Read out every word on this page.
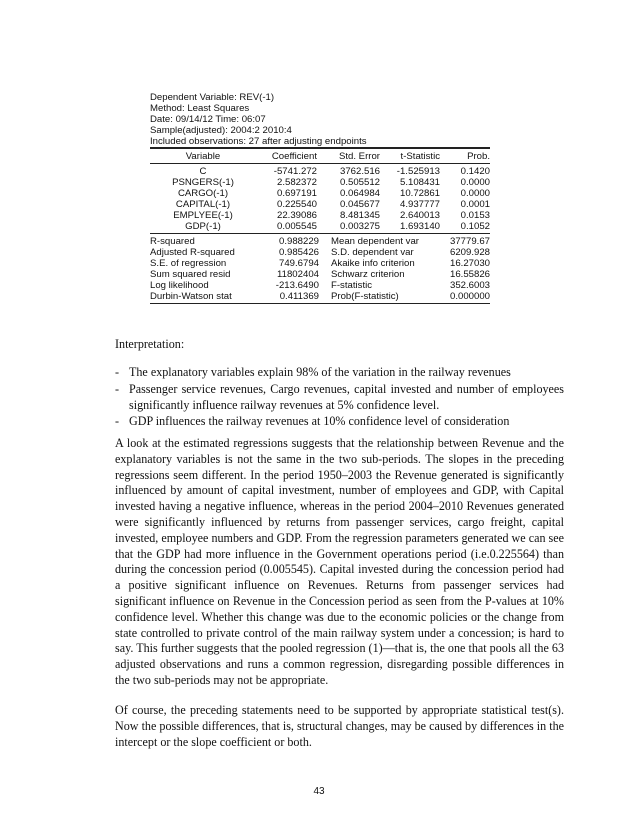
Dependent Variable: REV(-1)
Method: Least Squares
Date: 09/14/12 Time: 06:07
Sample(adjusted): 2004:2 2010:4
Included observations: 27 after adjusting endpoints
Variable	Coefficient	Std. Error	t-Statistic	Prob.
C	-5741.272	3762.516	-1.525913	0.1420
PSNGERS(-1)	2.582372	0.505512	5.108431	0.0000
CARGO(-1)	0.697191	0.064984	10.72861	0.0000
CAPITAL(-1)	0.225540	0.045677	4.937777	0.0001
EMPLYEE(-1)	22.39086	8.481345	2.640013	0.0153
GDP(-1)	0.005545	0.003275	1.693140	0.1052
R-squared	0.988229	Mean dependent var	37779.67
Adjusted R-squared	0.985426	S.D. dependent var	6209.928
S.E. of regression	749.6794	Akaike info criterion	16.27030
Sum squared resid	11802404	Schwarz criterion	16.55826
Log likelihood	-213.6490	F-statistic	352.6003
Durbin-Watson stat	0.411369	Prob(F-statistic)	0.000000

Interpretation:

- The explanatory variables explain 98% of the variation in the railway revenues
- Passenger service revenues, Cargo revenues, capital invested and number of employees significantly influence railway revenues at 5% confidence level.
- GDP influences the railway revenues at 10% confidence level of consideration

A look at the estimated regressions suggests that the relationship between Revenue and the explanatory variables is not the same in the two sub-periods. The slopes in the preceding regressions seem different. In the period 1950–2003 the Revenue generated is significantly influenced by amount of capital investment, number of employees and GDP, with Capital invested having a negative influence, whereas in the period 2004–2010 Revenues generated were significantly influenced by returns from passenger services, cargo freight, capital invested, employee numbers and GDP. From the regression parameters generated we can see that the GDP had more influence in the Government operations period (i.e.0.225564) than during the concession period (0.005545). Capital invested during the concession period had a positive significant influence on Revenues. Returns from passenger services had significant influence on Revenue in the Concession period as seen from the P-values at 10% confidence level. Whether this change was due to the economic policies or the change from state controlled to private control of the main railway system under a concession; is hard to say. This further suggests that the pooled regression (1)—that is, the one that pools all the 63 adjusted observations and runs a common regression, disregarding possible differences in the two sub-periods may not be appropriate.

Of course, the preceding statements need to be supported by appropriate statistical test(s). Now the possible differences, that is, structural changes, may be caused by differences in the intercept or the slope coefficient or both.

43
